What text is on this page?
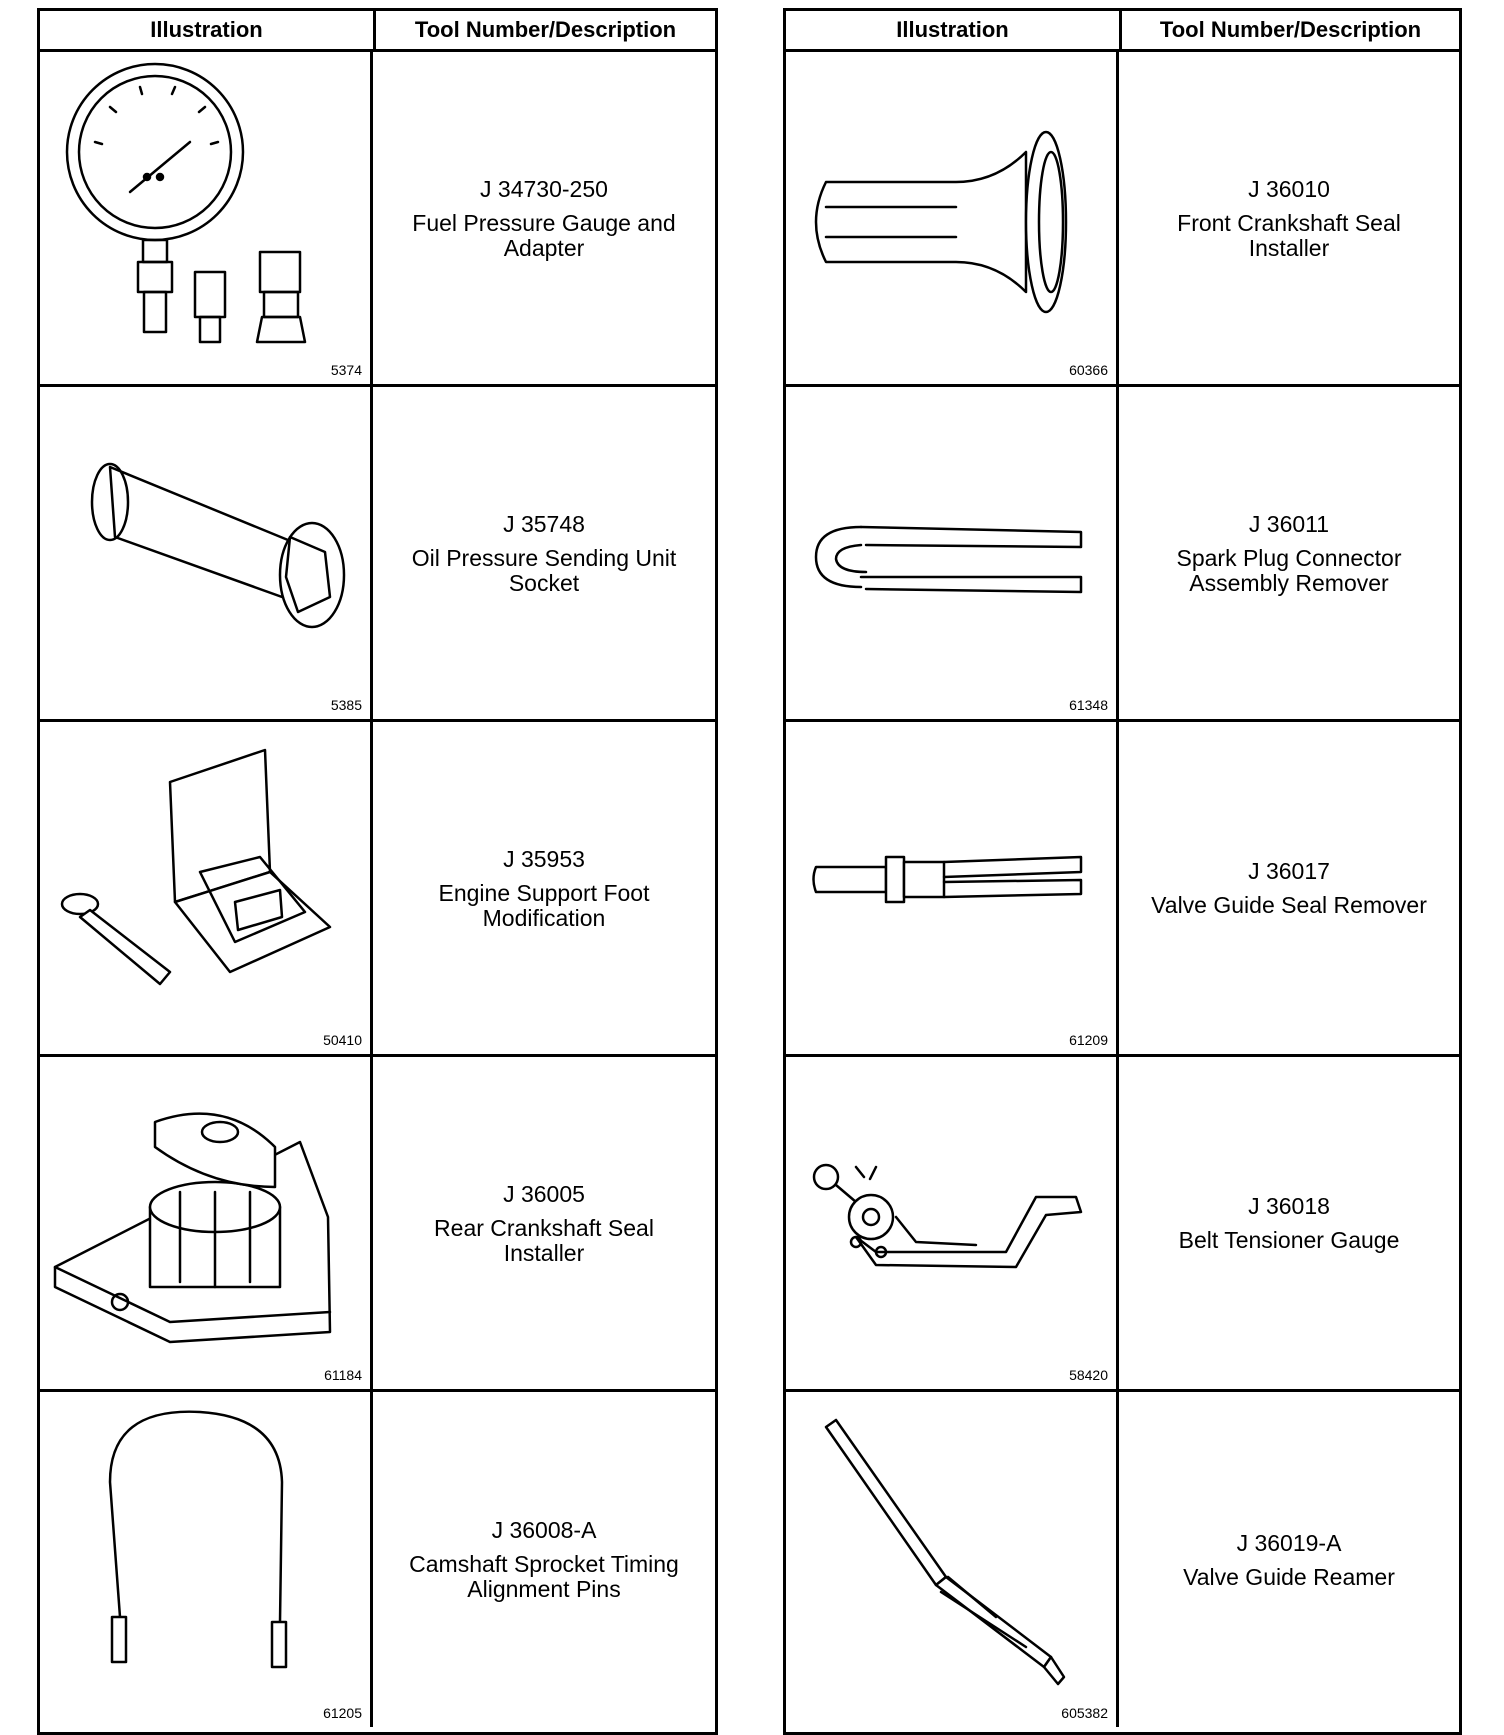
Illustration	Tool Number/Description
5374
J 34730-250
Fuel Pressure Gauge and Adapter
5385
J 35748
Oil Pressure Sending Unit Socket
50410
J 35953
Engine Support Foot Modification
61184
J 36005
Rear Crankshaft Seal Installer
61205
J 36008-A
Camshaft Sprocket Timing Alignment Pins
Illustration	Tool Number/Description
60366
J 36010
Front Crankshaft Seal Installer
61348
J 36011
Spark Plug Connector Assembly Remover
61209
J 36017
Valve Guide Seal Remover
58420
J 36018
Belt Tensioner Gauge
605382
J 36019-A
Valve Guide Reamer
